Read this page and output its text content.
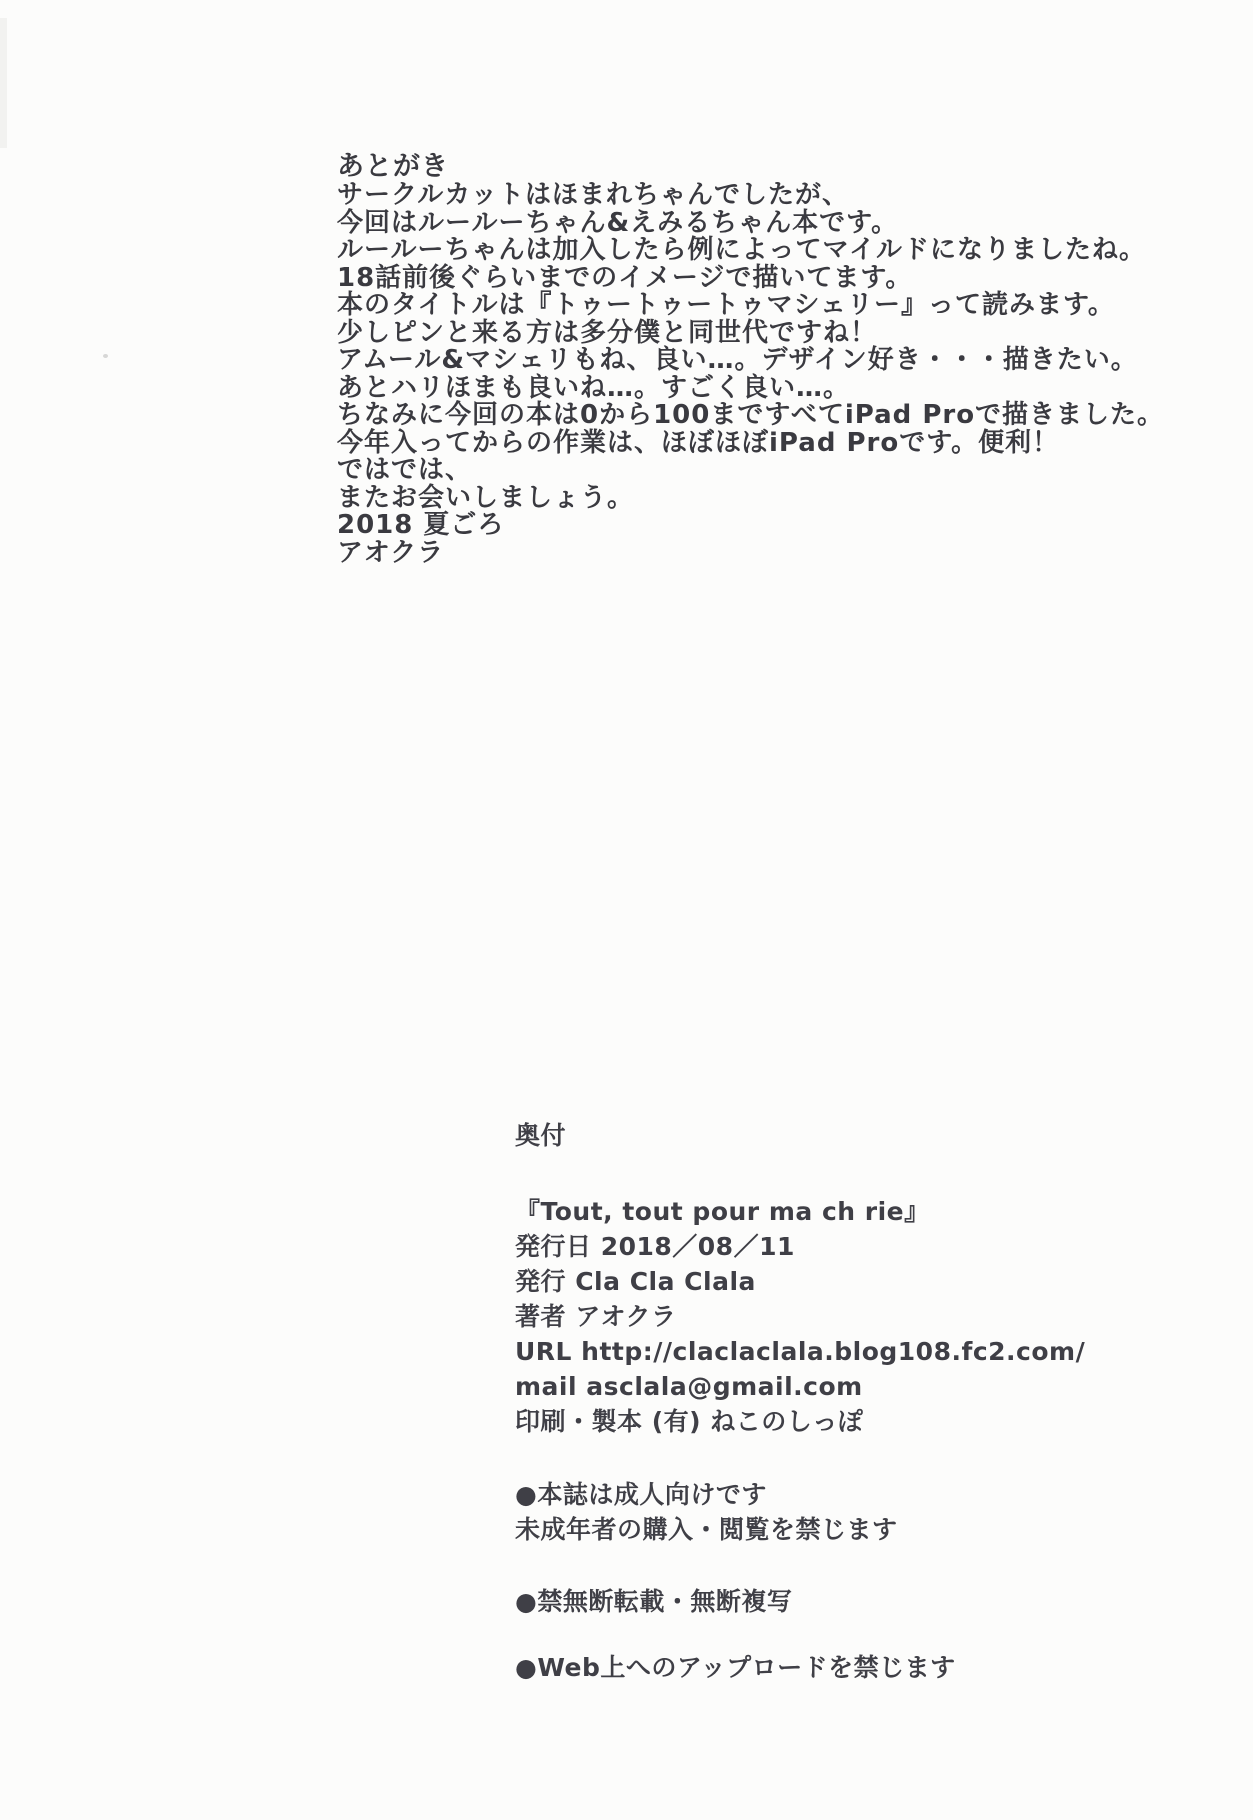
あとがき

サークルカットはほまれちゃんでしたが、
今回はルールーちゃん&えみるちゃん本です。
ルールーちゃんは加入したら例によってマイルドになりましたね。
18話前後ぐらいまでのイメージで描いてます。

本のタイトルは『トゥートゥートゥマシェリー』って読みます。
少しピンと来る方は多分僕と同世代ですね！

アムール&マシェリもね、良い…。デザイン好き・・・描きたい。
あとハリほまも良いね…。すごく良い…。

ちなみに今回の本は0から100まですべてiPad Proで描きました。
今年入ってからの作業は、ほぼほぼiPad Proです。便利！

ではでは、
またお会いしましょう。

2018 夏ごろ
アオクラ

奥付
『Tout, tout pour ma ch rie』
発行日 2018／08／11
発行 Cla Cla Clala
著者 アオクラ
URL http://claclaclala.blog108.fc2.com/
mail asclala@gmail.com
印刷・製本 (有) ねこのしっぽ
●本誌は成人向けです
未成年者の購入・閲覧を禁じます
●禁無断転載・無断複写
●Web上へのアップロードを禁じます
